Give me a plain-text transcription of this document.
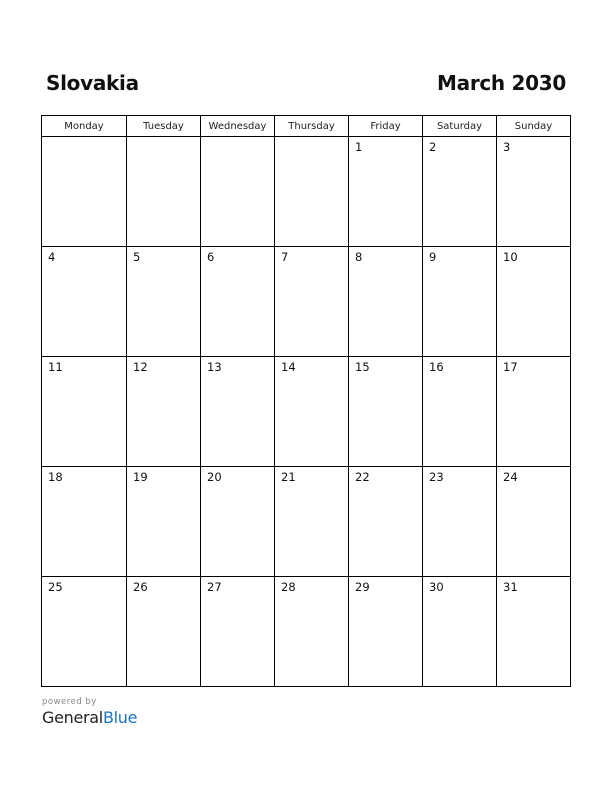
Slovakia	March 2030
Monday	Tuesday	Wednesday	Thursday	Friday	Saturday	Sunday

				1	2	3

4	5	6	7	8	9	10

11	12	13	14	15	16	17

18	19	20	21	22	23	24

25	26	27	28	29	30	31
powered by
GeneralBlue
